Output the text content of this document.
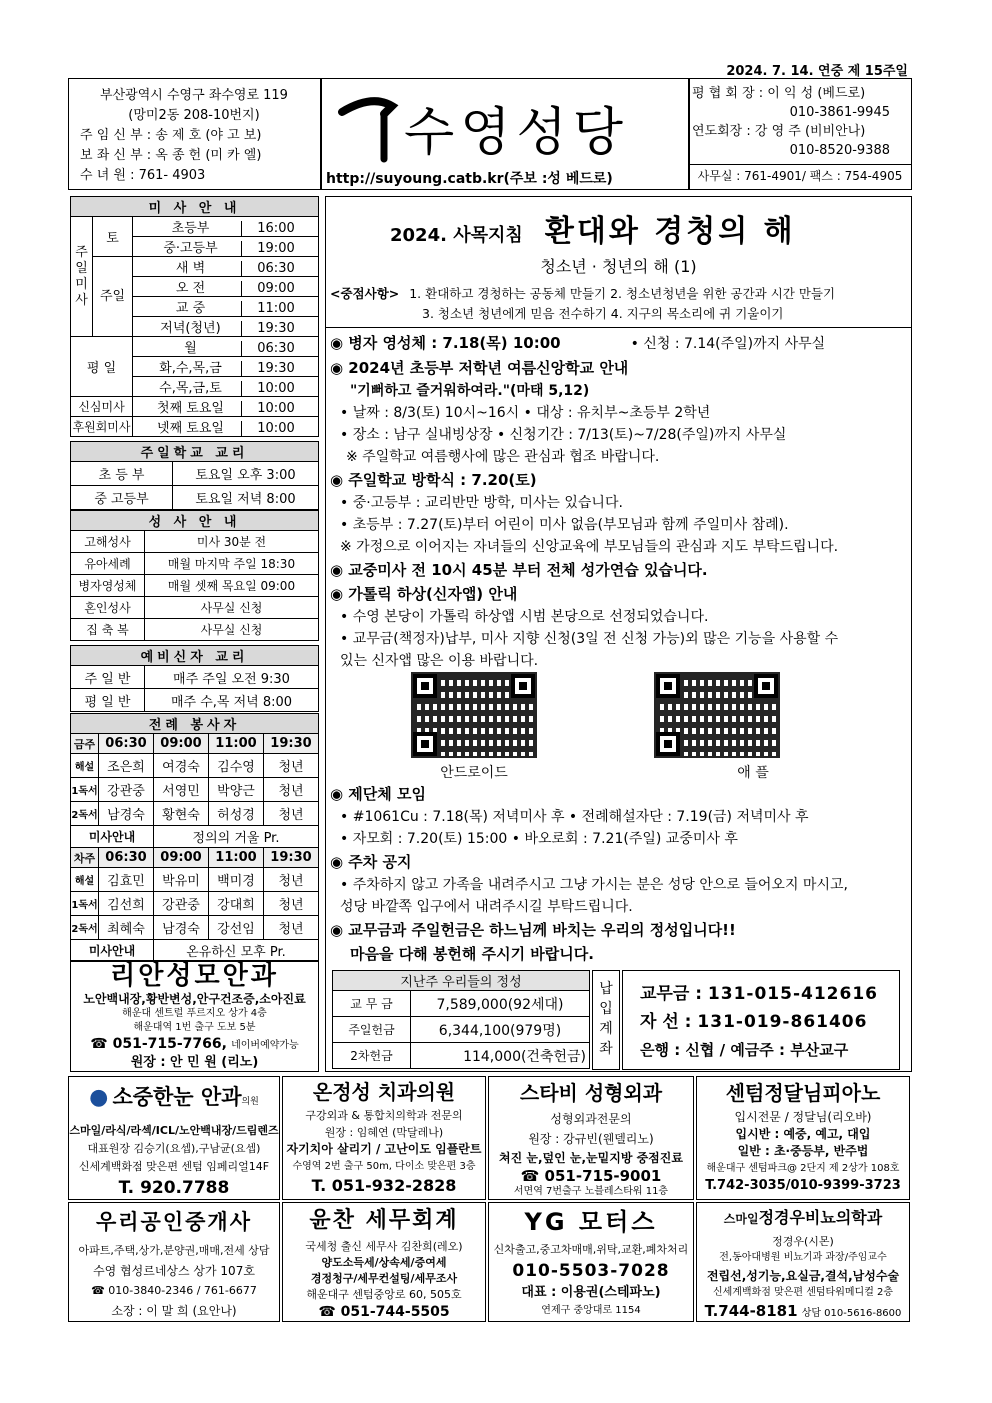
2024. 7. 14. 연중 제 15주일
부산광역시 수영구 좌수영로 119
(망미2동 208-10번지)
주 임 신 부 : 송 제 호 (야 고 보)
보 좌 신 부 : 옥 종 헌 (미 카 엘)
수 녀 원 : 761- 4903
수영성당
http://suyoung.catb.kr(주보 :성 베드로)
평 협 회 장 : 이 익 성 (베드로)
010-3861-9945
연도회장 : 강 영 주 (비비안나)
010-8520-9388
사무실 : 761-4901/ 팩스 : 754-4905
미 사 안 내		
주일미사	토	초등부 16:00
		중·고등부 19:00
	주일	새 벽 06:30
		오 전 09:00
		교 중 11:00
		저녁(청년) 19:30
평 일		월 06:30
		화,수,목,금 19:30
		수,목,금,토 10:00
신심미사		첫째 토요일 10:00
후원회미사		넷째 토요일 10:00
주일학교 교리	
초 등 부	토요일 오후 3:00
중 고등부	토요일 저녁 8:00
성 사 안 내	
고해성사	미사 30분 전
유아세례	매월 마지막 주일 18:30
병자영성체	매월 셋째 목요일 09:00
혼인성사	사무실 신청
집 축 복	사무실 신청
예비신자 교리	
주 일 반	매주 주일 오전 9:30
평 일 반	매주 수,목 저녁 8:00
전례 봉사자				
금주	06:30	09:00	11:00	19:30
해설	조은희	여경숙	김수영	청년
1독서	강관중	서영민	박양근	청년
2독서	남경숙	황현숙	허성경	청년
미사안내		정의의 거울 Pr.		
차주	06:30	09:00	11:00	19:30
해설	김효민	박유미	백미경	청년
1독서	김선희	강관중	강대희	청년
2독서	최혜숙	남경숙	강선임	청년
미사안내		온유하신 모후 Pr.		
리안성모안과
노안백내장,황반변성,안구건조증,소아진료
해운대 센트럴 푸르지오 상가 4층
해운대역 1번 출구 도보 5분
☎ 051-715-7766, 네이버예약가능
원장 : 안 민 원 (리노)
2024. 사목지침 환대와 경청의 해
청소년 · 청년의 해 (1)
<중점사항> 1. 환대하고 경청하는 공동체 만들기 2. 청소년청년을 위한 공간과 시간 만들기
3. 청소년 청년에게 믿음 전수하기 4. 지구의 목소리에 귀 기울이기
◉ 병자 영성체 : 7.18(목) 10:00	• 신청 : 7.14(주일)까지 사무실
◉ 2024년 초등부 저학년 여름신앙학교 안내
"기뻐하고 즐거워하여라."(마태 5,12)
• 날짜 : 8/3(토) 10시~16시 • 대상 : 유치부~초등부 2학년
• 장소 : 남구 실내빙상장 • 신청기간 : 7/13(토)~7/28(주일)까지 사무실
※ 주일학교 여름행사에 많은 관심과 협조 바랍니다.
◉ 주일학교 방학식 : 7.20(토)
• 중·고등부 : 교리반만 방학, 미사는 있습니다.
• 초등부 : 7.27(토)부터 어린이 미사 없음(부모님과 함께 주일미사 참례).
※ 가정으로 이어지는 자녀들의 신앙교육에 부모님들의 관심과 지도 부탁드립니다.
◉ 교중미사 전 10시 45분 부터 전체 성가연습 있습니다.
◉ 가톨릭 하상(신자앱) 안내
• 수영 본당이 가톨릭 하상앱 시범 본당으로 선정되었습니다.
• 교무금(책정자)납부, 미사 지향 신청(3일 전 신청 가능)외 많은 기능을 사용할 수
있는 신자앱 많은 이용 바랍니다.
안드로이드	애 플
◉ 제단체 모임
• #1061Cu : 7.18(목) 저녁미사 후 • 전례해설자단 : 7.19(금) 저녁미사 후
• 자모회 : 7.20(토) 15:00 • 바오로회 : 7.21(주일) 교중미사 후
◉ 주차 공지
• 주차하지 않고 가족을 내려주시고 그냥 가시는 분은 성당 안으로 들어오지 마시고,
성당 바깥쪽 입구에서 내려주시길 부탁드립니다.
◉ 교무금과 주일헌금은 하느님께 바치는 우리의 정성입니다!!
마음을 다해 봉헌해 주시기 바랍니다.
지난주 우리들의 정성	
교 무 금	7,589,000(92세대)
주일헌금	6,344,100(979명)
2차헌금	114,000(건축헌금)
납입계좌
교무금 : 131-015-412616
자 선 : 131-019-861406
은행 : 신협 / 예금주 : 부산교구
● 소중한눈 안과의원
스마일/라식/라섹/ICL/노안백내장/드림렌즈
대표원장 김승기(요셉),구남균(요셉)
신세계백화점 맞은편 센텀 임페리얼14F
T. 920.7788
온정성 치과의원
구강외과 & 통합치의학과 전문의
원장 : 임혜연 (막달레나)
자기치아 살리기 / 고난이도 임플란트
수영역 2번 출구 50m, 다이소 맞은편 3층
T. 051-932-2828
스타비 성형외과
성형외과전문의
원장 : 강규빈(웬델리노)
쳐진 눈,덮인 눈,눈밑지방 중점진료
☎ 051-715-9001
서면역 7번출구 노블레스타워 11층
센텀정달님피아노
입시전문 / 정달님(리오바)
입시반 : 예중, 예고, 대입
일반 : 초·중등부, 반주법
해운대구 센텀파크@ 2단지 제 2상가 108호
T.742-3035/010-9399-3723
우리공인중개사
아파트,주택,상가,분양권,매매,전세 상담
수영 협성르네상스 상가 107호
☎ 010-3840-2346 / 761-6677
소장 : 이 말 희 (요안나)
윤찬 세무회계
국세청 출신 세무사 김찬희(레오)
양도소득세/상속세/증여세
경정청구/세무컨설팅/세무조사
해운대구 센텀중앙로 60, 505호
☎ 051-744-5505
YG 모터스
신차출고,중고차매매,위탁,교환,폐차처리
010-5503-7028
대표 : 이용권(스테파노)
연제구 중앙대로 1154
스마일정경우비뇨의학과
정경우(시몬)
전,동아대병원 비뇨기과 과장/주임교수
전립선,성기능,요실금,결석,남성수술
신세계백화점 맞은편 센텀타워메디컬 2층
T.744-8181 상담 010-5616-8600
